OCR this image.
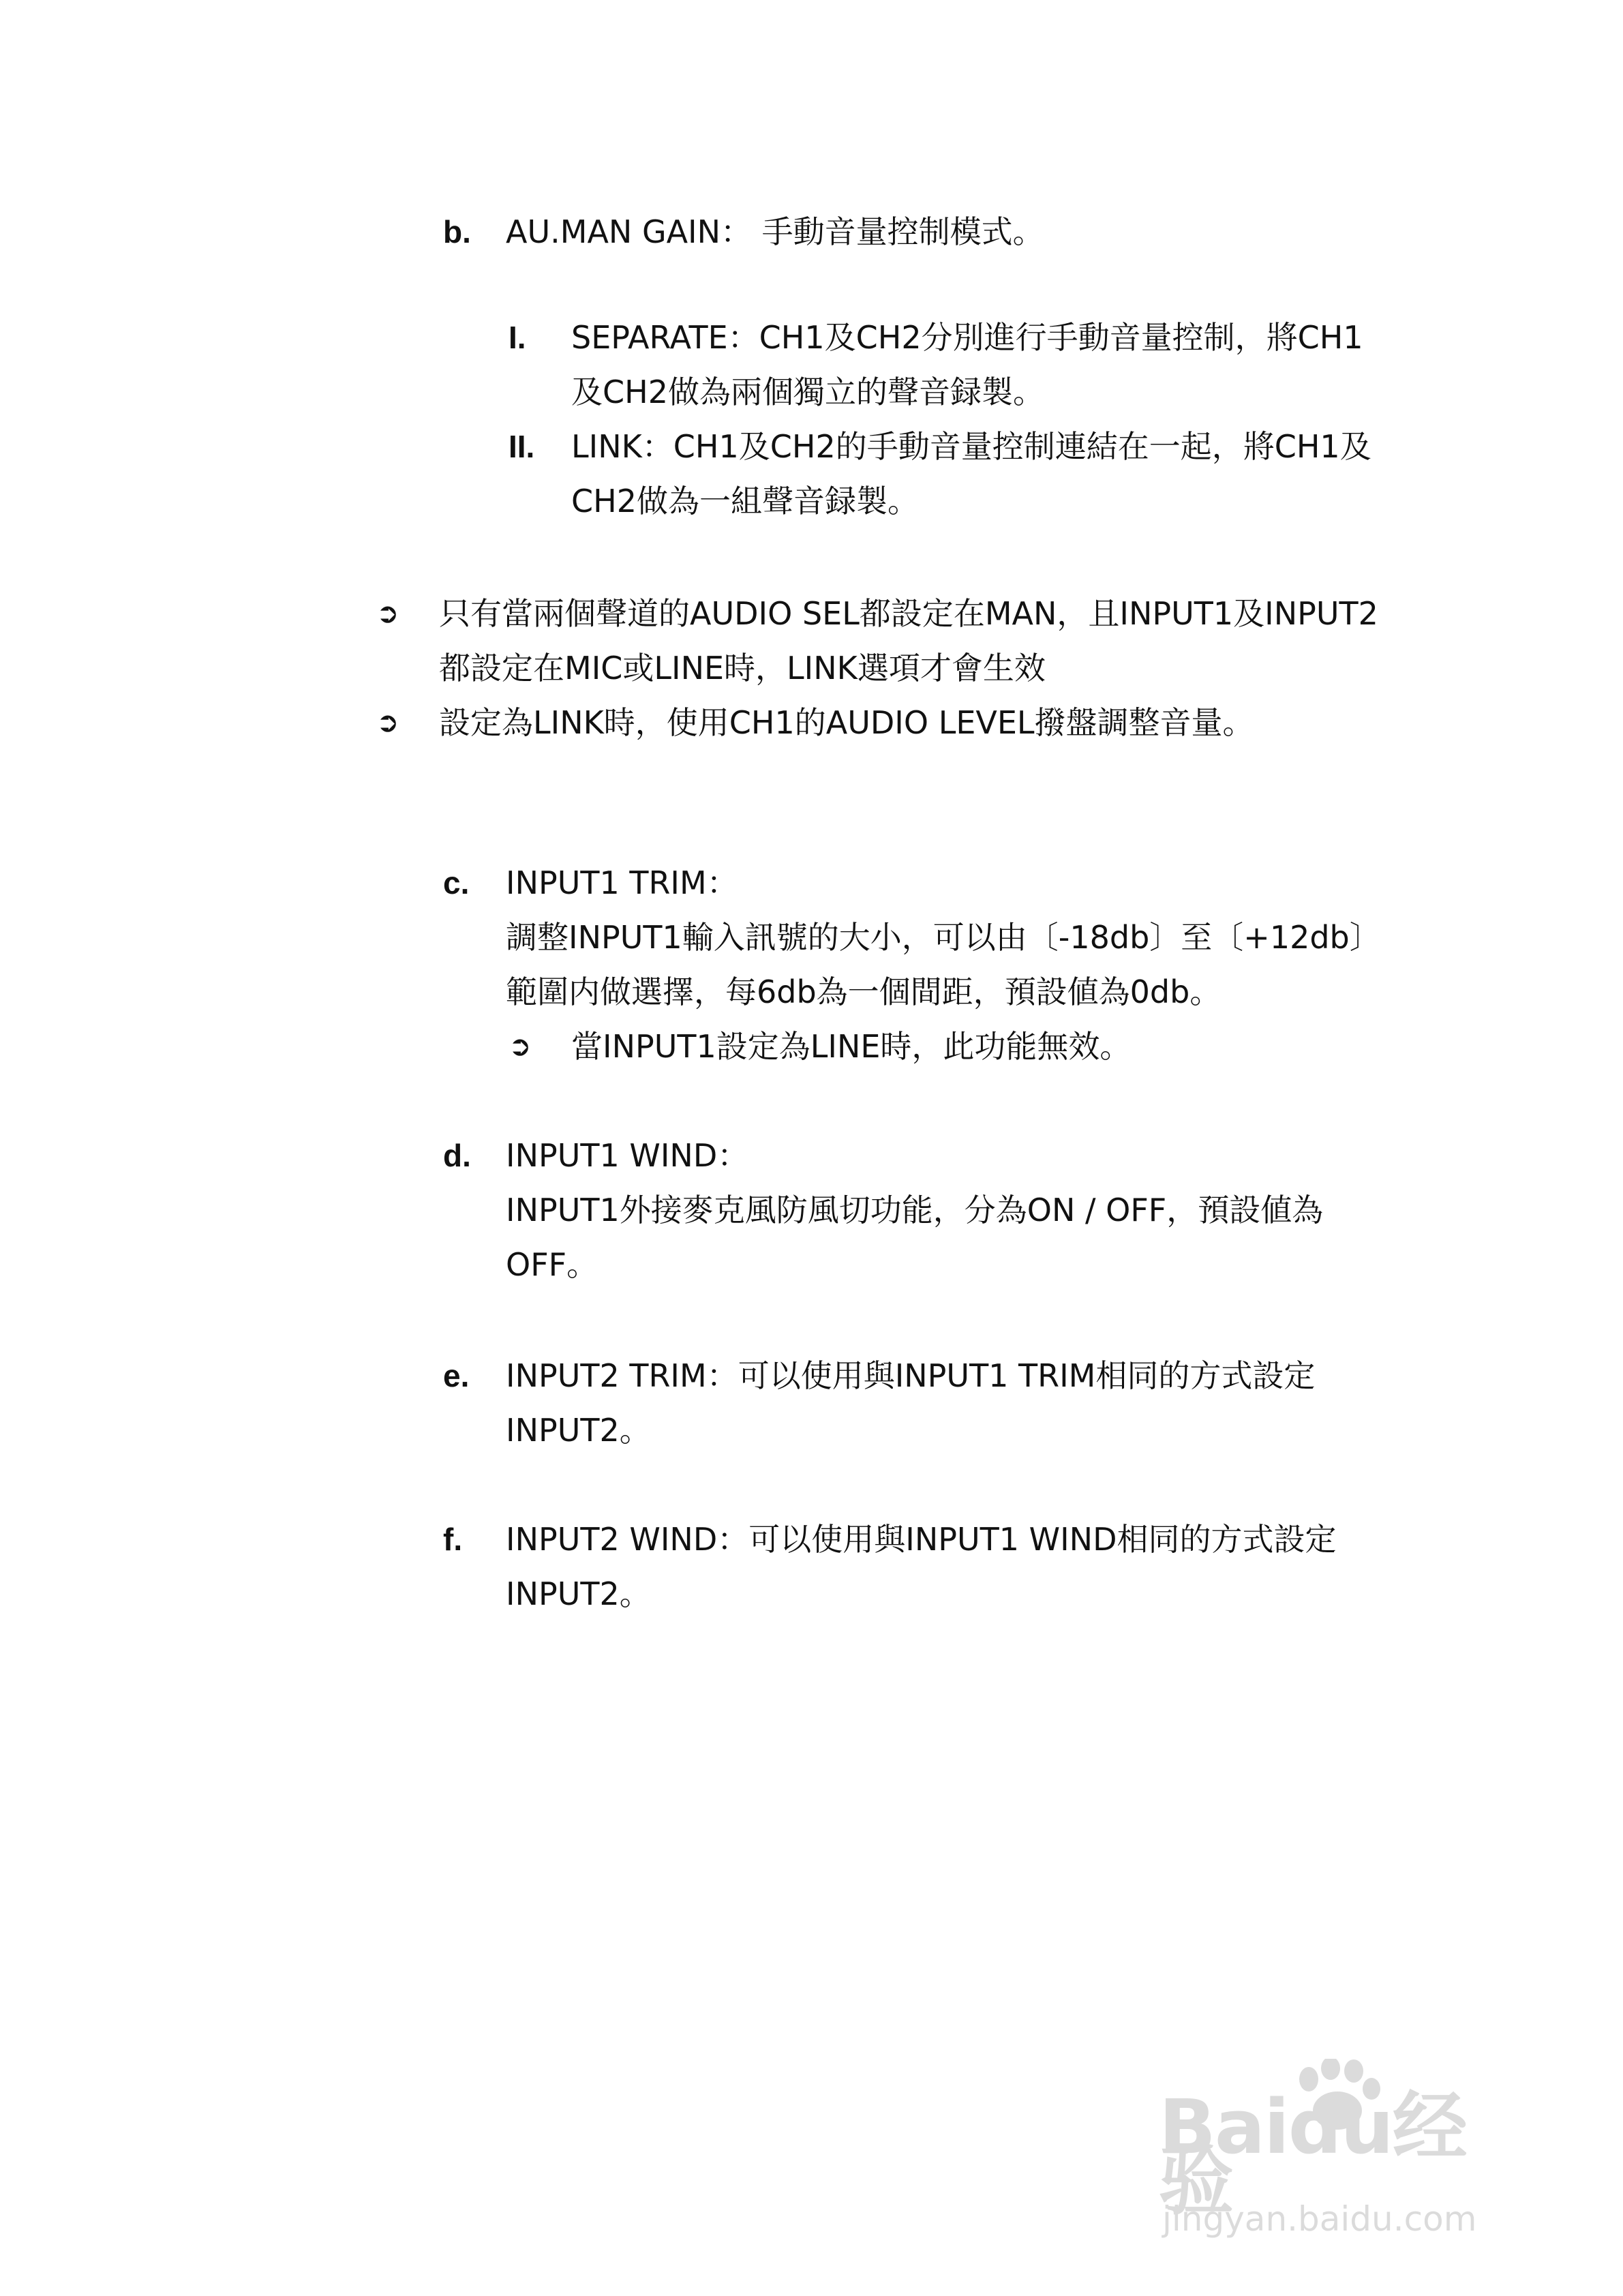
b.	AU.MAN GAIN： 手動音量控制模式。
I.	SEPARATE：CH1及CH2分別進行手動音量控制，將CH1
及CH2做為兩個獨立的聲音録製。
II.	LINK：CH1及CH2的手動音量控制連結在一起，將CH1及
CH2做為一組聲音録製。
➲	只有當兩個聲道的AUDIO SEL都設定在MAN，且INPUT1及INPUT2
都設定在MIC或LINE時，LINK選項才會生效
➲	設定為LINK時，使用CH1的AUDIO LEVEL撥盤調整音量。
c.	INPUT1 TRIM：
調整INPUT1輸入訊號的大小，可以由〔-18db〕至〔+12db〕
範圍内做選擇，每6db為一個間距，預設値為0db。
➲	當INPUT1設定為LINE時，此功能無效。
d.	INPUT1 WIND：
INPUT1外接麥克風防風切功能，分為ON / OFF，預設値為
OFF。
e.	INPUT2 TRIM：可以使用與INPUT1 TRIM相同的方式設定
INPUT2。
f.	INPUT2 WIND：可以使用與INPUT1 WIND相同的方式設定
INPUT2。
Baidu经验
jingyan.baidu.com
